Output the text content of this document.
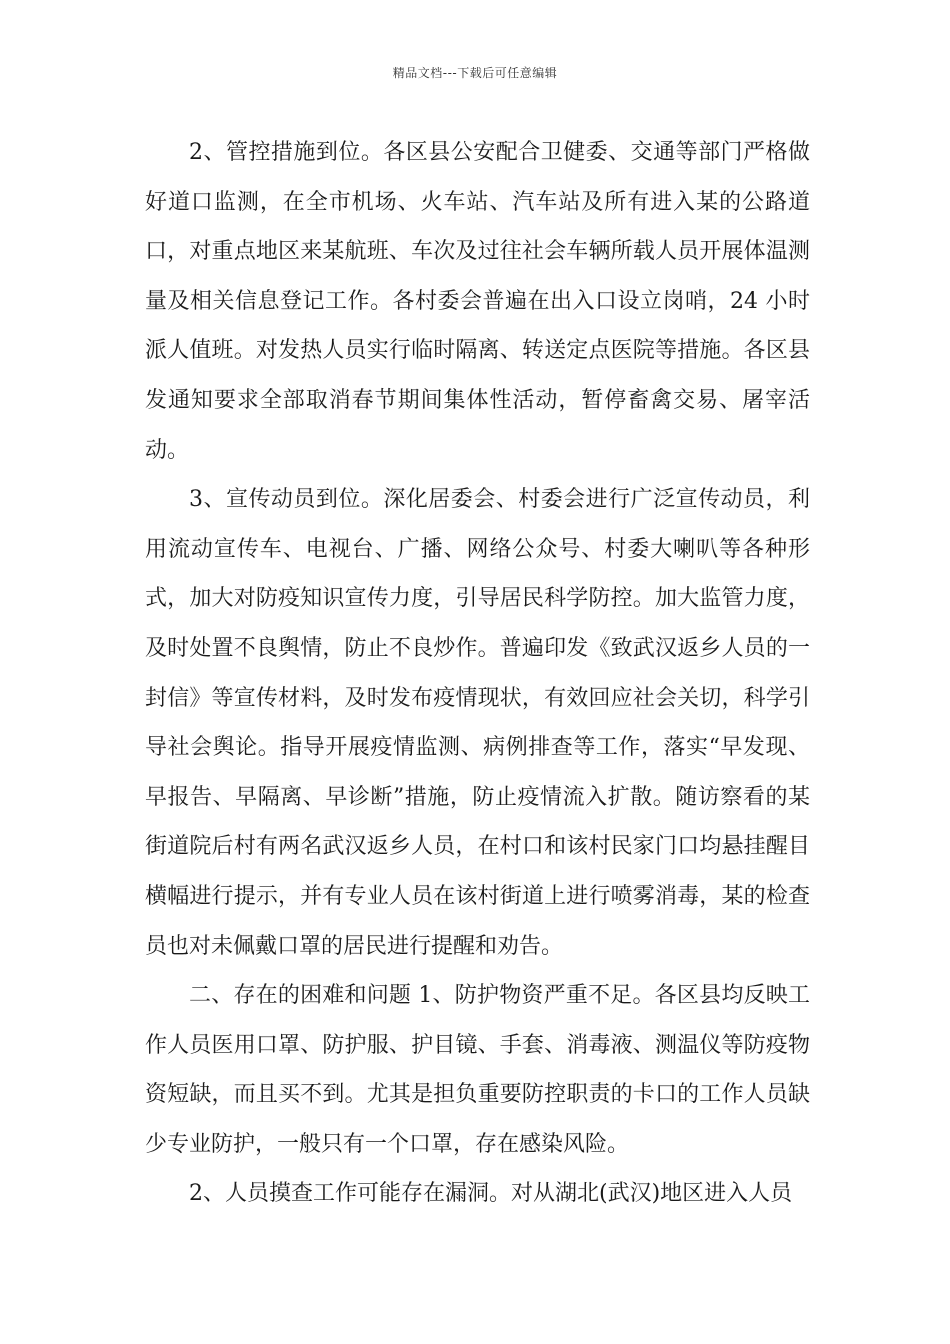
精品文档---下载后可任意编辑

2、管控措施到位。各区县公安配合卫健委、交通等部门严格做好道口监测，在全市机场、火车站、汽车站及所有进入某的公路道口，对重点地区来某航班、车次及过往社会车辆所载人员开展体温测量及相关信息登记工作。各村委会普遍在出入口设立岗哨，24 小时派人值班。对发热人员实行临时隔离、转送定点医院等措施。各区县发通知要求全部取消春节期间集体性活动，暂停畜禽交易、屠宰活动。

3、宣传动员到位。深化居委会、村委会进行广泛宣传动员，利用流动宣传车、电视台、广播、网络公众号、村委大喇叭等各种形式，加大对防疫知识宣传力度，引导居民科学防控。加大监管力度，及时处置不良舆情，防止不良炒作。普遍印发《致武汉返乡人员的一封信》等宣传材料，及时发布疫情现状，有效回应社会关切，科学引导社会舆论。指导开展疫情监测、病例排查等工作，落实“早发现、早报告、早隔离、早诊断”措施，防止疫情流入扩散。随访察看的某街道院后村有两名武汉返乡人员，在村口和该村民家门口均悬挂醒目横幅进行提示，并有专业人员在该村街道上进行喷雾消毒，某的检查员也对未佩戴口罩的居民进行提醒和劝告。

二、存在的困难和问题 1、防护物资严重不足。各区县均反映工作人员医用口罩、防护服、护目镜、手套、消毒液、测温仪等防疫物资短缺，而且买不到。尤其是担负重要防控职责的卡口的工作人员缺少专业防护，一般只有一个口罩，存在感染风险。

2、人员摸查工作可能存在漏洞。对从湖北(武汉)地区进入人员
